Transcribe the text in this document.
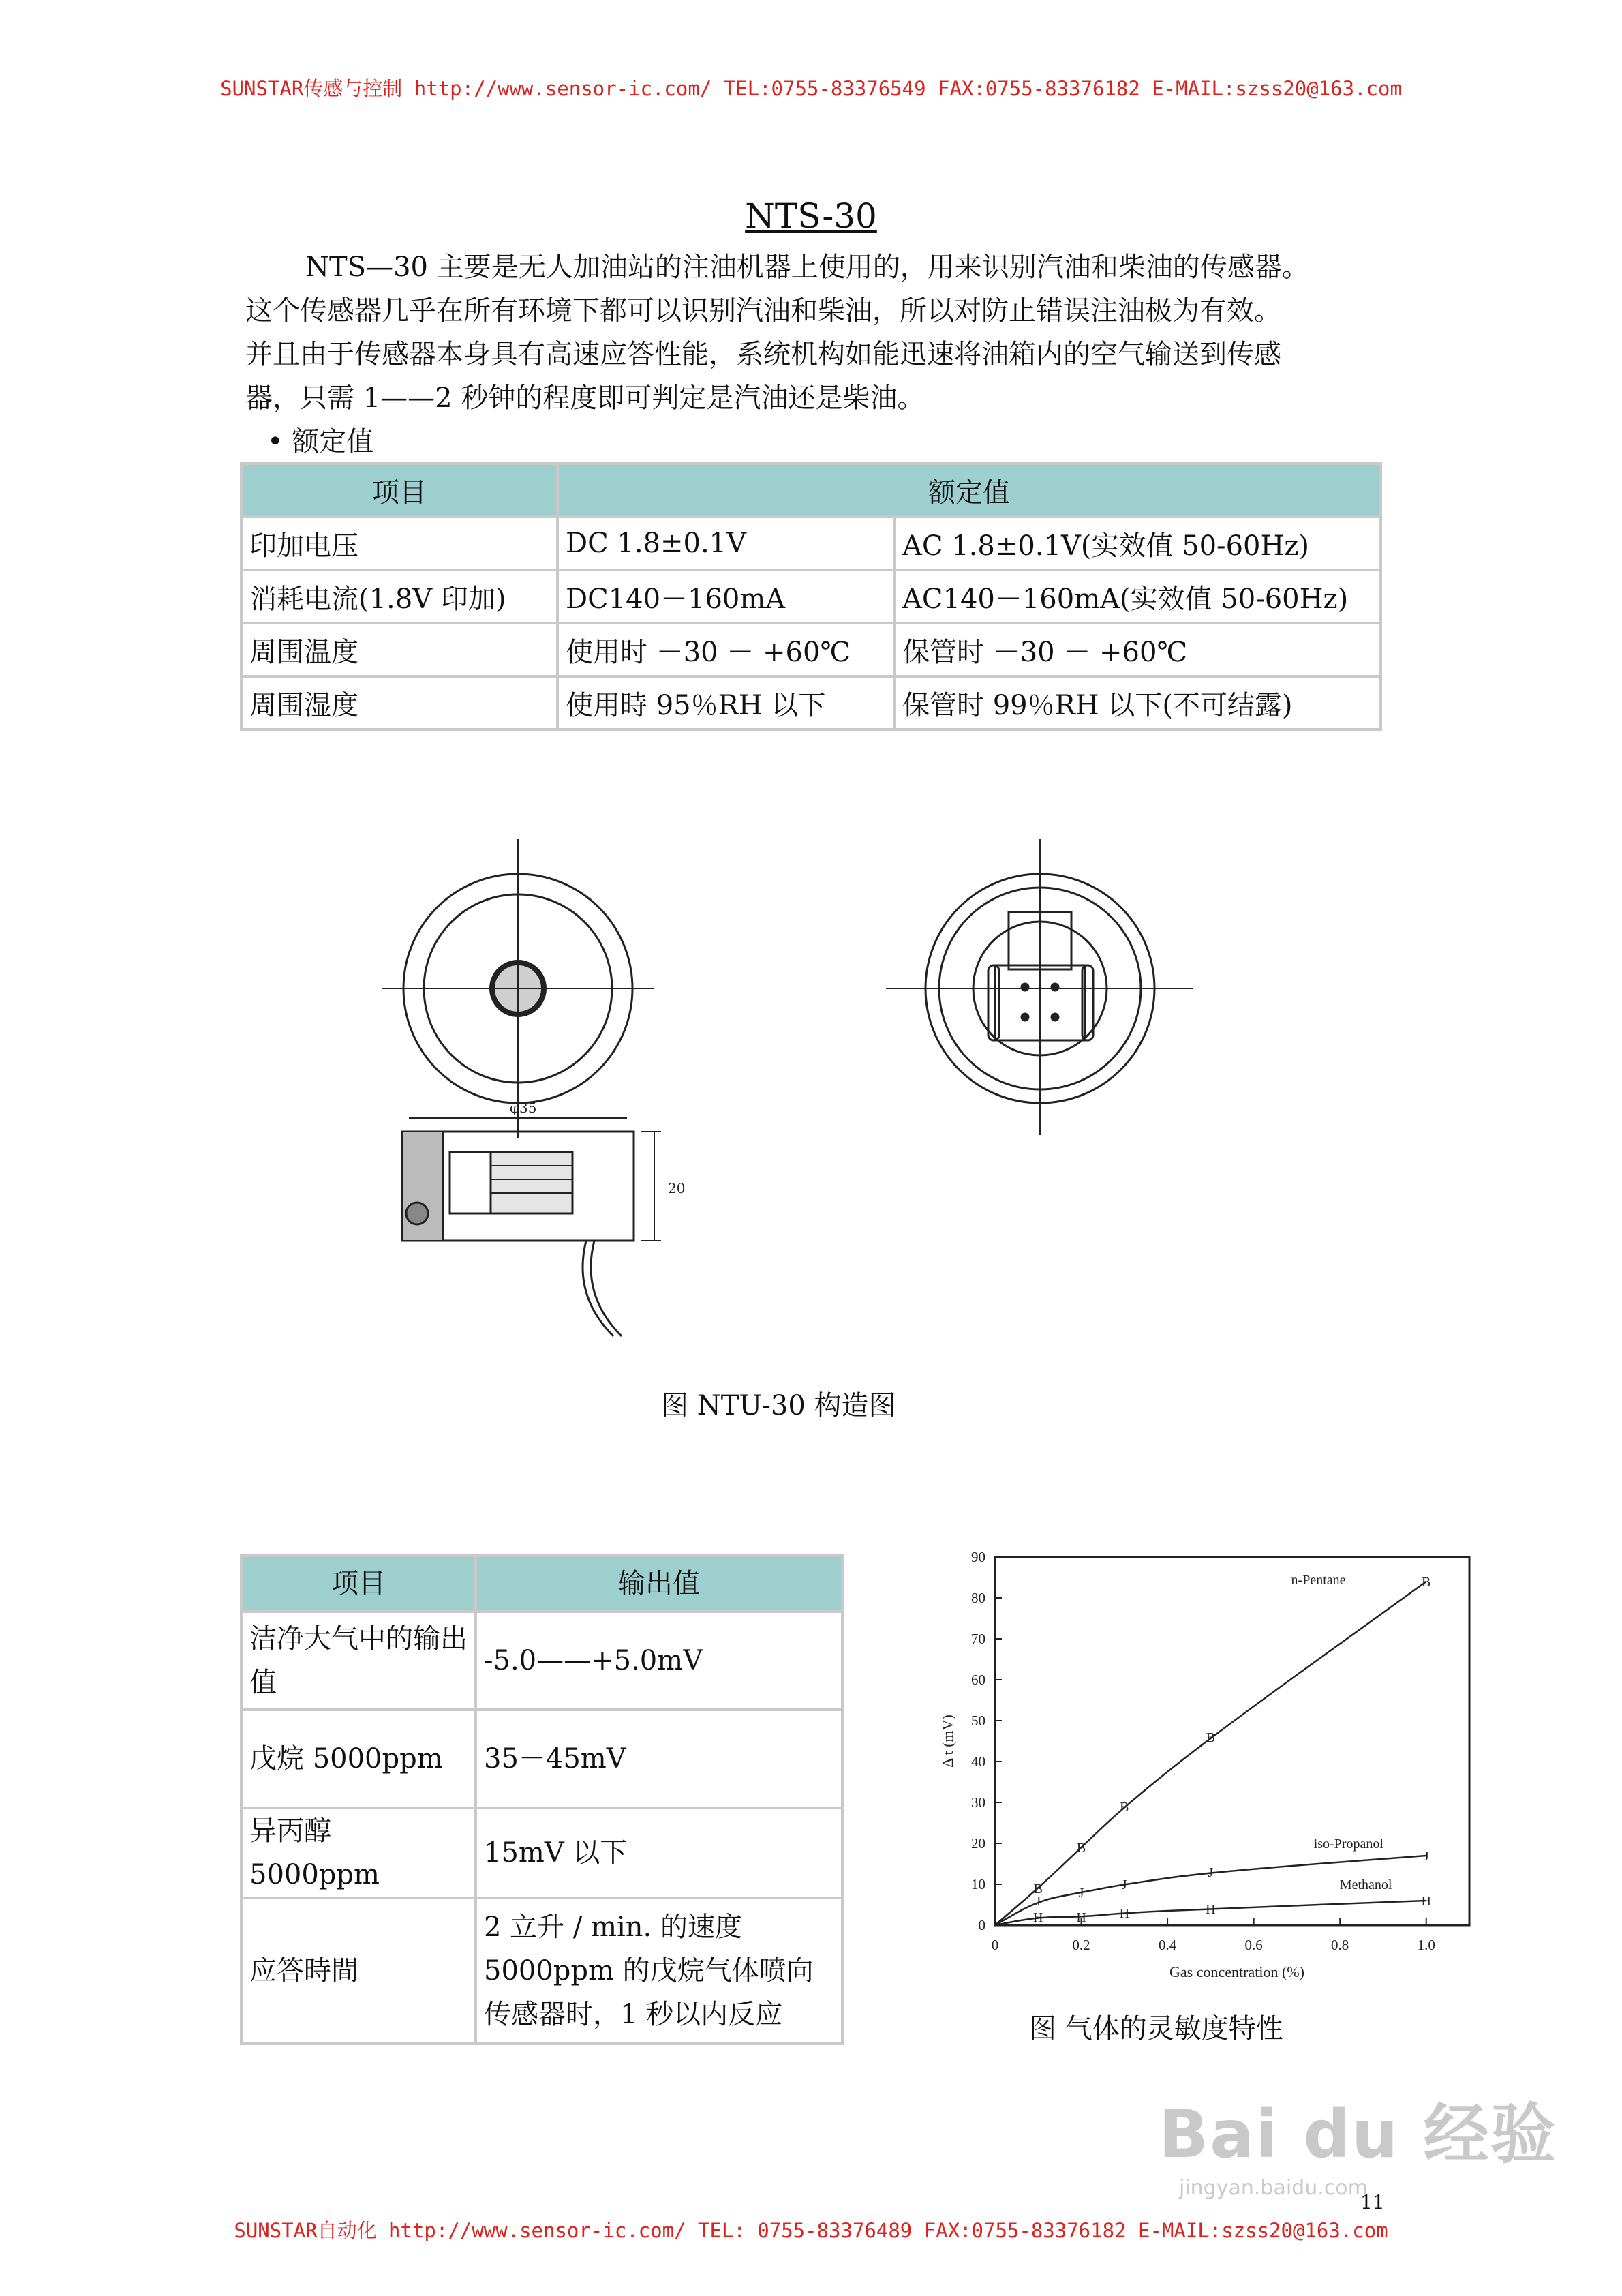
SUNSTAR传感与控制 http://www.sensor-ic.com/ TEL:0755-83376549 FAX:0755-83376182 E-MAIL:szss20@163.com
SUNSTAR自动化 http://www.sensor-ic.com/ TEL: 0755-83376489 FAX:0755-83376182 E-MAIL:szss20@163.com
NTS-30
NTS—30 主要是无人加油站的注油机器上使用的，用来识别汽油和柴油的传感器。
这个传感器几乎在所有环境下都可以识别汽油和柴油，所以对防止错误注油极为有效。
并且由于传感器本身具有高速应答性能，系统机构如能迅速将油箱内的空气输送到传感
器，只需 1——2 秒钟的程度即可判定是汽油还是柴油。
• 额定值
项目	额定值	
印加电压	DC 1.8±0.1V	AC 1.8±0.1V(实效值 50-60Hz)
消耗电流(1.8V 印加)	DC140－160mA	AC140－160mA(实效值 50-60Hz)
周围温度	使用时 －30 － +60℃	保管时 －30 － +60℃
周围湿度	使用時 95％RH 以下	保管时 99％RH 以下(不可结露)
φ35
20
图 NTU-30 构造图
项目	输出值
洁净大气中的输出值	-5.0——+5.0mV
戊烷 5000ppm	35－45mV
异丙醇 5000ppm	15mV 以下
应答時間	2 立升 / min. 的速度 5000ppm 的戊烷气体喷向传感器时，1 秒以内反应
0
10
20
30
40
50
60
70
80
90
0	0.2	0.4	0.6	0.8	1.0
B
B
B
B
B
n-Pentane
J
J
J
J
J
iso-Propanol
H H H	H
H
Methanol
Gas concentration (%)
Δ t (mV)
图 气体的灵敏度特性
11
Bai du 经验
jingyan.baidu.com
